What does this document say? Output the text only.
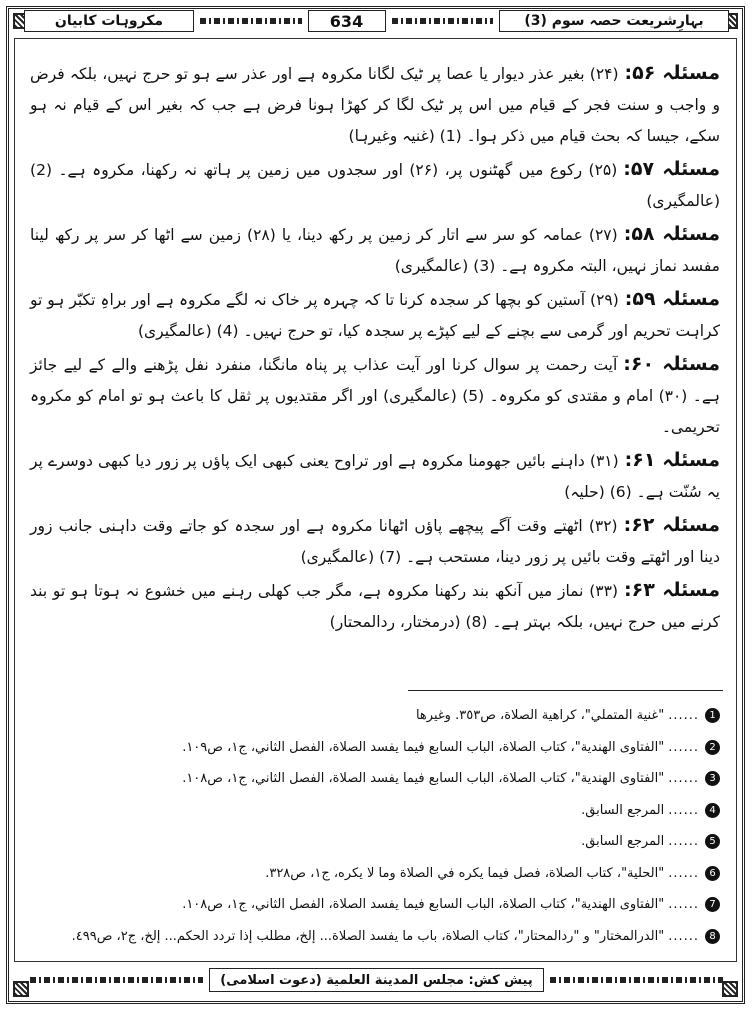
مکروہات کابیان	634	بہارِشریعت حصہ سوم (3)

مسئلہ ۵۶:(۲۴) بغیر عذر دیوار یا عصا پر ٹیک لگانا مکروہ ہے اور عذر سے ہو تو حرج نہیں، بلکہ فرض و واجب و سنت فجر کے قیام میں اس پر ٹیک لگا کر کھڑا ہونا فرض ہے جب کہ بغیر اس کے قیام نہ ہو سکے، جیسا کہ بحث قیام میں ذکر ہوا۔ (1) (غنیہ وغیرہا)

مسئلہ ۵۷:(۲۵) رکوع میں گھٹنوں پر، (۲۶) اور سجدوں میں زمین پر ہاتھ نہ رکھنا، مکروہ ہے۔ (2) (عالمگیری)

مسئلہ ۵۸:(۲۷) عمامہ کو سر سے اتار کر زمین پر رکھ دینا، یا (۲۸) زمین سے اٹھا کر سر پر رکھ لینا مفسد نماز نہیں، البتہ مکروہ ہے۔ (3) (عالمگیری)

مسئلہ ۵۹:(۲۹) آستین کو بچھا کر سجدہ کرنا تا کہ چہرہ پر خاک نہ لگے مکروہ ہے اور براہِ تکبّر ہو تو کراہت تحریم اور گرمی سے بچنے کے لیے کپڑے پر سجدہ کیا، تو حرج نہیں۔ (4) (عالمگیری)

مسئلہ ۶۰:آیت رحمت پر سوال کرنا اور آیت عذاب پر پناہ مانگنا، منفرد نفل پڑھنے والے کے لیے جائز ہے۔ (۳۰) امام و مقتدی کو مکروہ۔ (5) (عالمگیری) اور اگر مقتدیوں پر ثقل کا باعث ہو تو امام کو مکروہ تحریمی۔

مسئلہ ۶۱:(۳۱) داہنے بائیں جھومنا مکروہ ہے اور تراوح یعنی کبھی ایک پاؤں پر زور دیا کبھی دوسرے پر یہ سُنّت ہے۔ (6) (حلیہ)

مسئلہ ۶۲:(۳۲) اٹھتے وقت آگے پیچھے پاؤں اٹھانا مکروہ ہے اور سجدہ کو جاتے وقت داہنی جانب زور دینا اور اٹھتے وقت بائیں پر زور دینا، مستحب ہے۔ (7) (عالمگیری)

مسئلہ ۶۳:(۳۳) نماز میں آنکھ بند رکھنا مکروہ ہے، مگر جب کھلی رہنے میں خشوع نہ ہوتا ہو تو بند کرنے میں حرج نہیں، بلکہ بہتر ہے۔ (8) (درمختار، ردالمحتار)

1
......
"غنية المتملي"، كراهية الصلاة، ص٣٥٣. وغيرها
2
......
"الفتاوى الهندية"، كتاب الصلاة، الباب السابع فيما يفسد الصلاة، الفصل الثاني، ج١، ص١٠٩.
3
......
"الفتاوى الهندية"، كتاب الصلاة، الباب السابع فيما يفسد الصلاة، الفصل الثاني، ج١، ص١٠٨.
4
......
المرجع السابق.
5
......
المرجع السابق.
6
......
"الحلية"، كتاب الصلاة، فصل فيما يكره في الصلاة وما لا يكره، ج١، ص٣٢٨.
7
......
"الفتاوى الهندية"، كتاب الصلاة، الباب السابع فيما يفسد الصلاة، الفصل الثاني، ج١، ص١٠٨.
8
......
"الدرالمختار" و "ردالمحتار"، كتاب الصلاة، باب ما يفسد الصلاة... إلخ، مطلب إذا تردد الحكم... إلخ، ج٢، ص٤٩٩.
پیش کش:

مجلس المدينة العلمية

(دعوت اسلامی)
